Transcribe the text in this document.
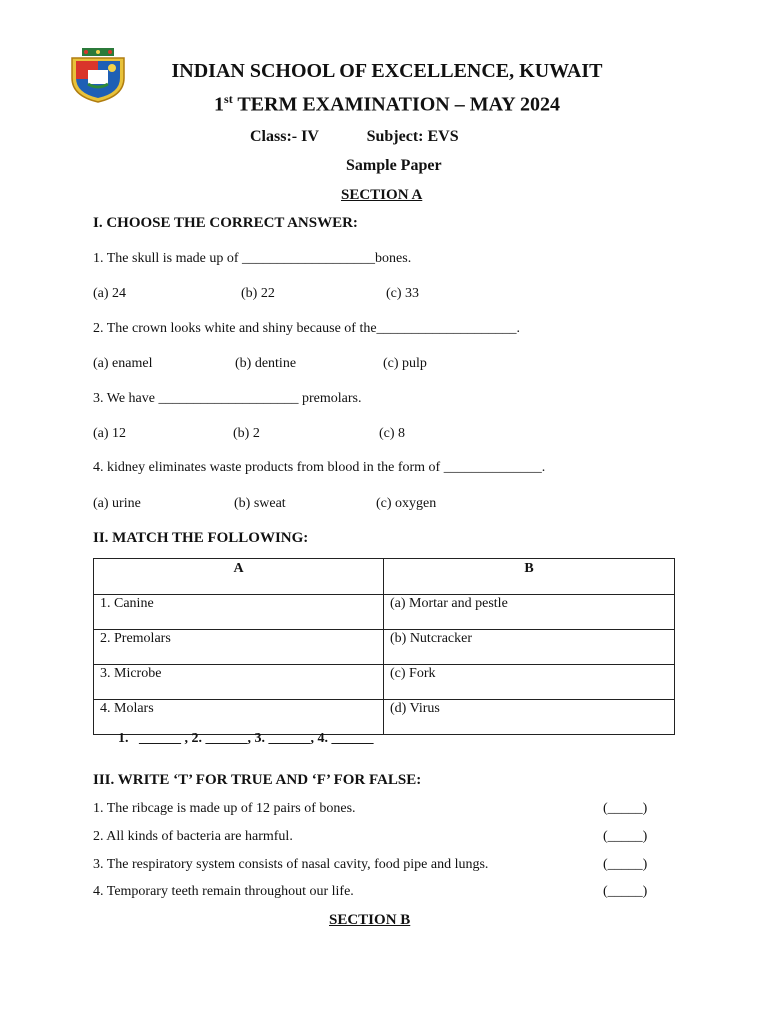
INDIAN SCHOOL OF EXCELLENCE, KUWAIT
1st TERM EXAMINATION – MAY 2024
Class:- IV	Subject: EVS
Sample Paper
SECTION A
I. CHOOSE THE CORRECT ANSWER:
1. The skull is made up of ___________________bones.
(a) 24	(b) 22	(c) 33
2. The crown looks white and shiny because of the____________________.
(a) enamel	(b) dentine	(c) pulp
3. We have ____________________ premolars.
(a) 12	(b) 2	(c) 8
4. kidney eliminates waste products from blood in the form of ______________.
(a) urine	(b) sweat	(c) oxygen
II. MATCH THE FOLLOWING:
A	B
1. Canine	(a) Mortar and pestle
2. Premolars	(b) Nutcracker
3. Microbe	(c) Fork
4. Molars	(d) Virus
1.   ______ , 2. ______, 3. ______, 4. ______
III. WRITE ‘T’ FOR TRUE AND ‘F’ FOR FALSE:
1. The ribcage is made up of 12 pairs of bones.	(_____)
2. All kinds of bacteria are harmful.	(_____)
3. The respiratory system consists of nasal cavity, food pipe and lungs.	(_____)
4. Temporary teeth remain throughout our life.	(_____)
SECTION B
